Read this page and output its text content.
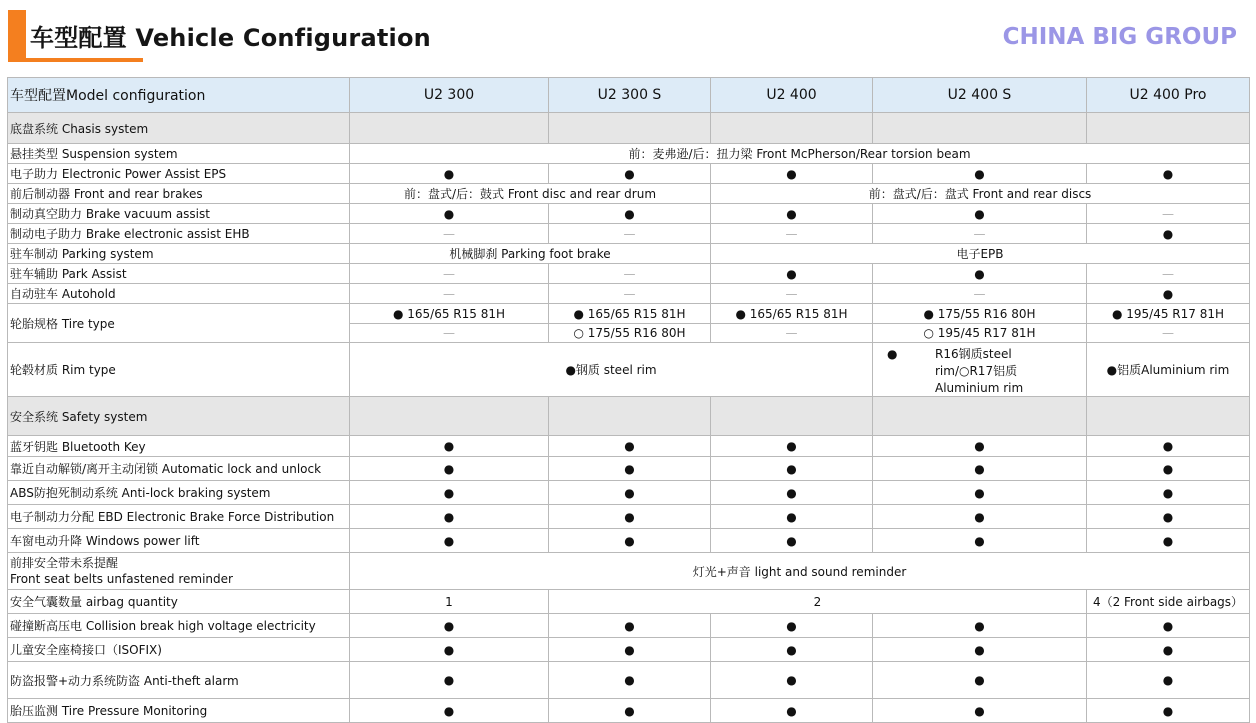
车型配置 Vehicle Configuration	CHINA BIG GROUP
车型配置Model configuration	U2 300	U2 300 S	U2 400	U2 400 S	U2 400 Pro
底盘系统 Chasis system					
悬挂类型 Suspension system	前：麦弗逊/后：扭力梁 Front McPherson/Rear torsion beam				
电子助力 Electronic Power Assist EPS	●	●	●	●	●
前后制动器 Front and rear brakes	前：盘式/后：鼓式 Front disc and rear drum		前：盘式/后：盘式 Front and rear discs		
制动真空助力 Brake vacuum assist	●	●	●	●	—
制动电子助力 Brake electronic assist EHB	—	—	—	—	●
驻车制动 Parking system	机械脚刹 Parking foot brake		电子EPB		
驻车辅助 Park Assist	—	—	●	●	—
自动驻车 Autohold	—	—	—	—	●
轮胎规格 Tire type	● 165/65 R15 81H	● 165/65 R15 81H	● 165/65 R15 81H	● 175/55 R16 80H	● 195/45 R17 81H
	—	○ 175/55 R16 80H	—	○ 195/45 R17 81H	—
轮毂材质 Rim type	●钢质 steel rim			● R16钢质steel rim/○R17铝质 Aluminium rim	●铝质Aluminium rim
安全系统 Safety system					
蓝牙钥匙 Bluetooth Key	●	●	●	●	●
靠近自动解锁/离开主动闭锁 Automatic lock and unlock	●	●	●	●	●
ABS防抱死制动系统 Anti-lock braking system	●	●	●	●	●
电子制动力分配 EBD Electronic Brake Force Distribution	●	●	●	●	●
车窗电动升降 Windows power lift	●	●	●	●	●

前排安全带未系提醒
Front seat belts unfastened reminder	灯光+声音 light and sound reminder				
安全气囊数量 airbag quantity	1	2			4（2 Front side airbags）
碰撞断高压电 Collision break high voltage electricity	●	●	●	●	●
儿童安全座椅接口（ISOFIX)	●	●	●	●	●
防盗报警+动力系统防盗 Anti-theft alarm	●	●	●	●	●
胎压监测 Tire Pressure Monitoring	●	●	●	●	●
